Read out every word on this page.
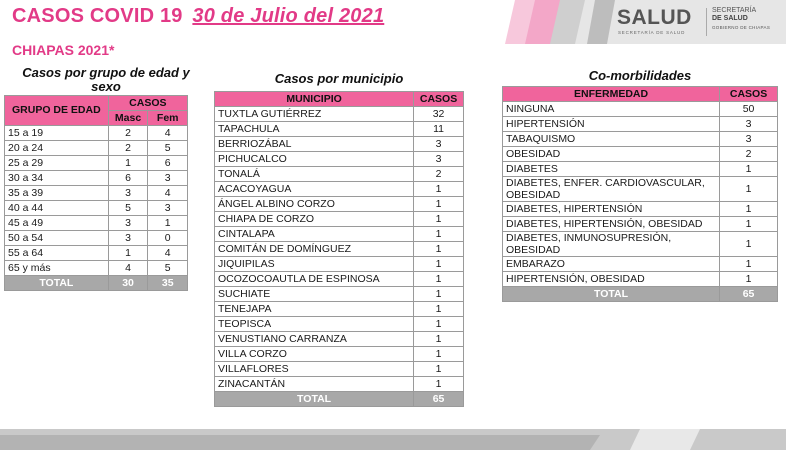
CASOS COVID 19 30 de Julio del 2021
CHIAPAS 2021*
SALUD
SECRETARÍA DE SALUD
SECRETARÍA
DE SALUD
GOBIERNO DE CHIAPAS
Casos por grupo de edad y sexo
Casos por municipio	Co-morbilidades
GRUPO DE EDAD	CASOS	
	Masc	Fem
15 a 19	2	4
20 a 24	2	5
25 a 29	1	6
30 a 34	6	3
35 a 39	3	4
40 a 44	5	3
45 a 49	3	1
50 a 54	3	0
55 a 64	1	4
65 y más	4	5
TOTAL	30	35
MUNICIPIO	CASOS
TUXTLA GUTIÉRREZ	32
TAPACHULA	11
BERRIOZÁBAL	3
PICHUCALCO	3
TONALÁ	2
ACACOYAGUA	1
ÁNGEL ALBINO CORZO	1
CHIAPA DE CORZO	1
CINTALAPA	1
COMITÁN DE DOMÍNGUEZ	1
JIQUIPILAS	1
OCOZOCOAUTLA DE ESPINOSA	1
SUCHIATE	1
TENEJAPA	1
TEOPISCA	1
VENUSTIANO CARRANZA	1
VILLA CORZO	1
VILLAFLORES	1
ZINACANTÁN	1
TOTAL	65
ENFERMEDAD	CASOS
NINGUNA	50
HIPERTENSIÓN	3
TABAQUISMO	3
OBESIDAD	2
DIABETES	1
DIABETES, ENFER. CARDIOVASCULAR, OBESIDAD	1
DIABETES, HIPERTENSIÓN	1
DIABETES, HIPERTENSIÓN, OBESIDAD	1
DIABETES, INMUNOSUPRESIÓN, OBESIDAD	1
EMBARAZO	1
HIPERTENSIÓN, OBESIDAD	1
TOTAL	65
